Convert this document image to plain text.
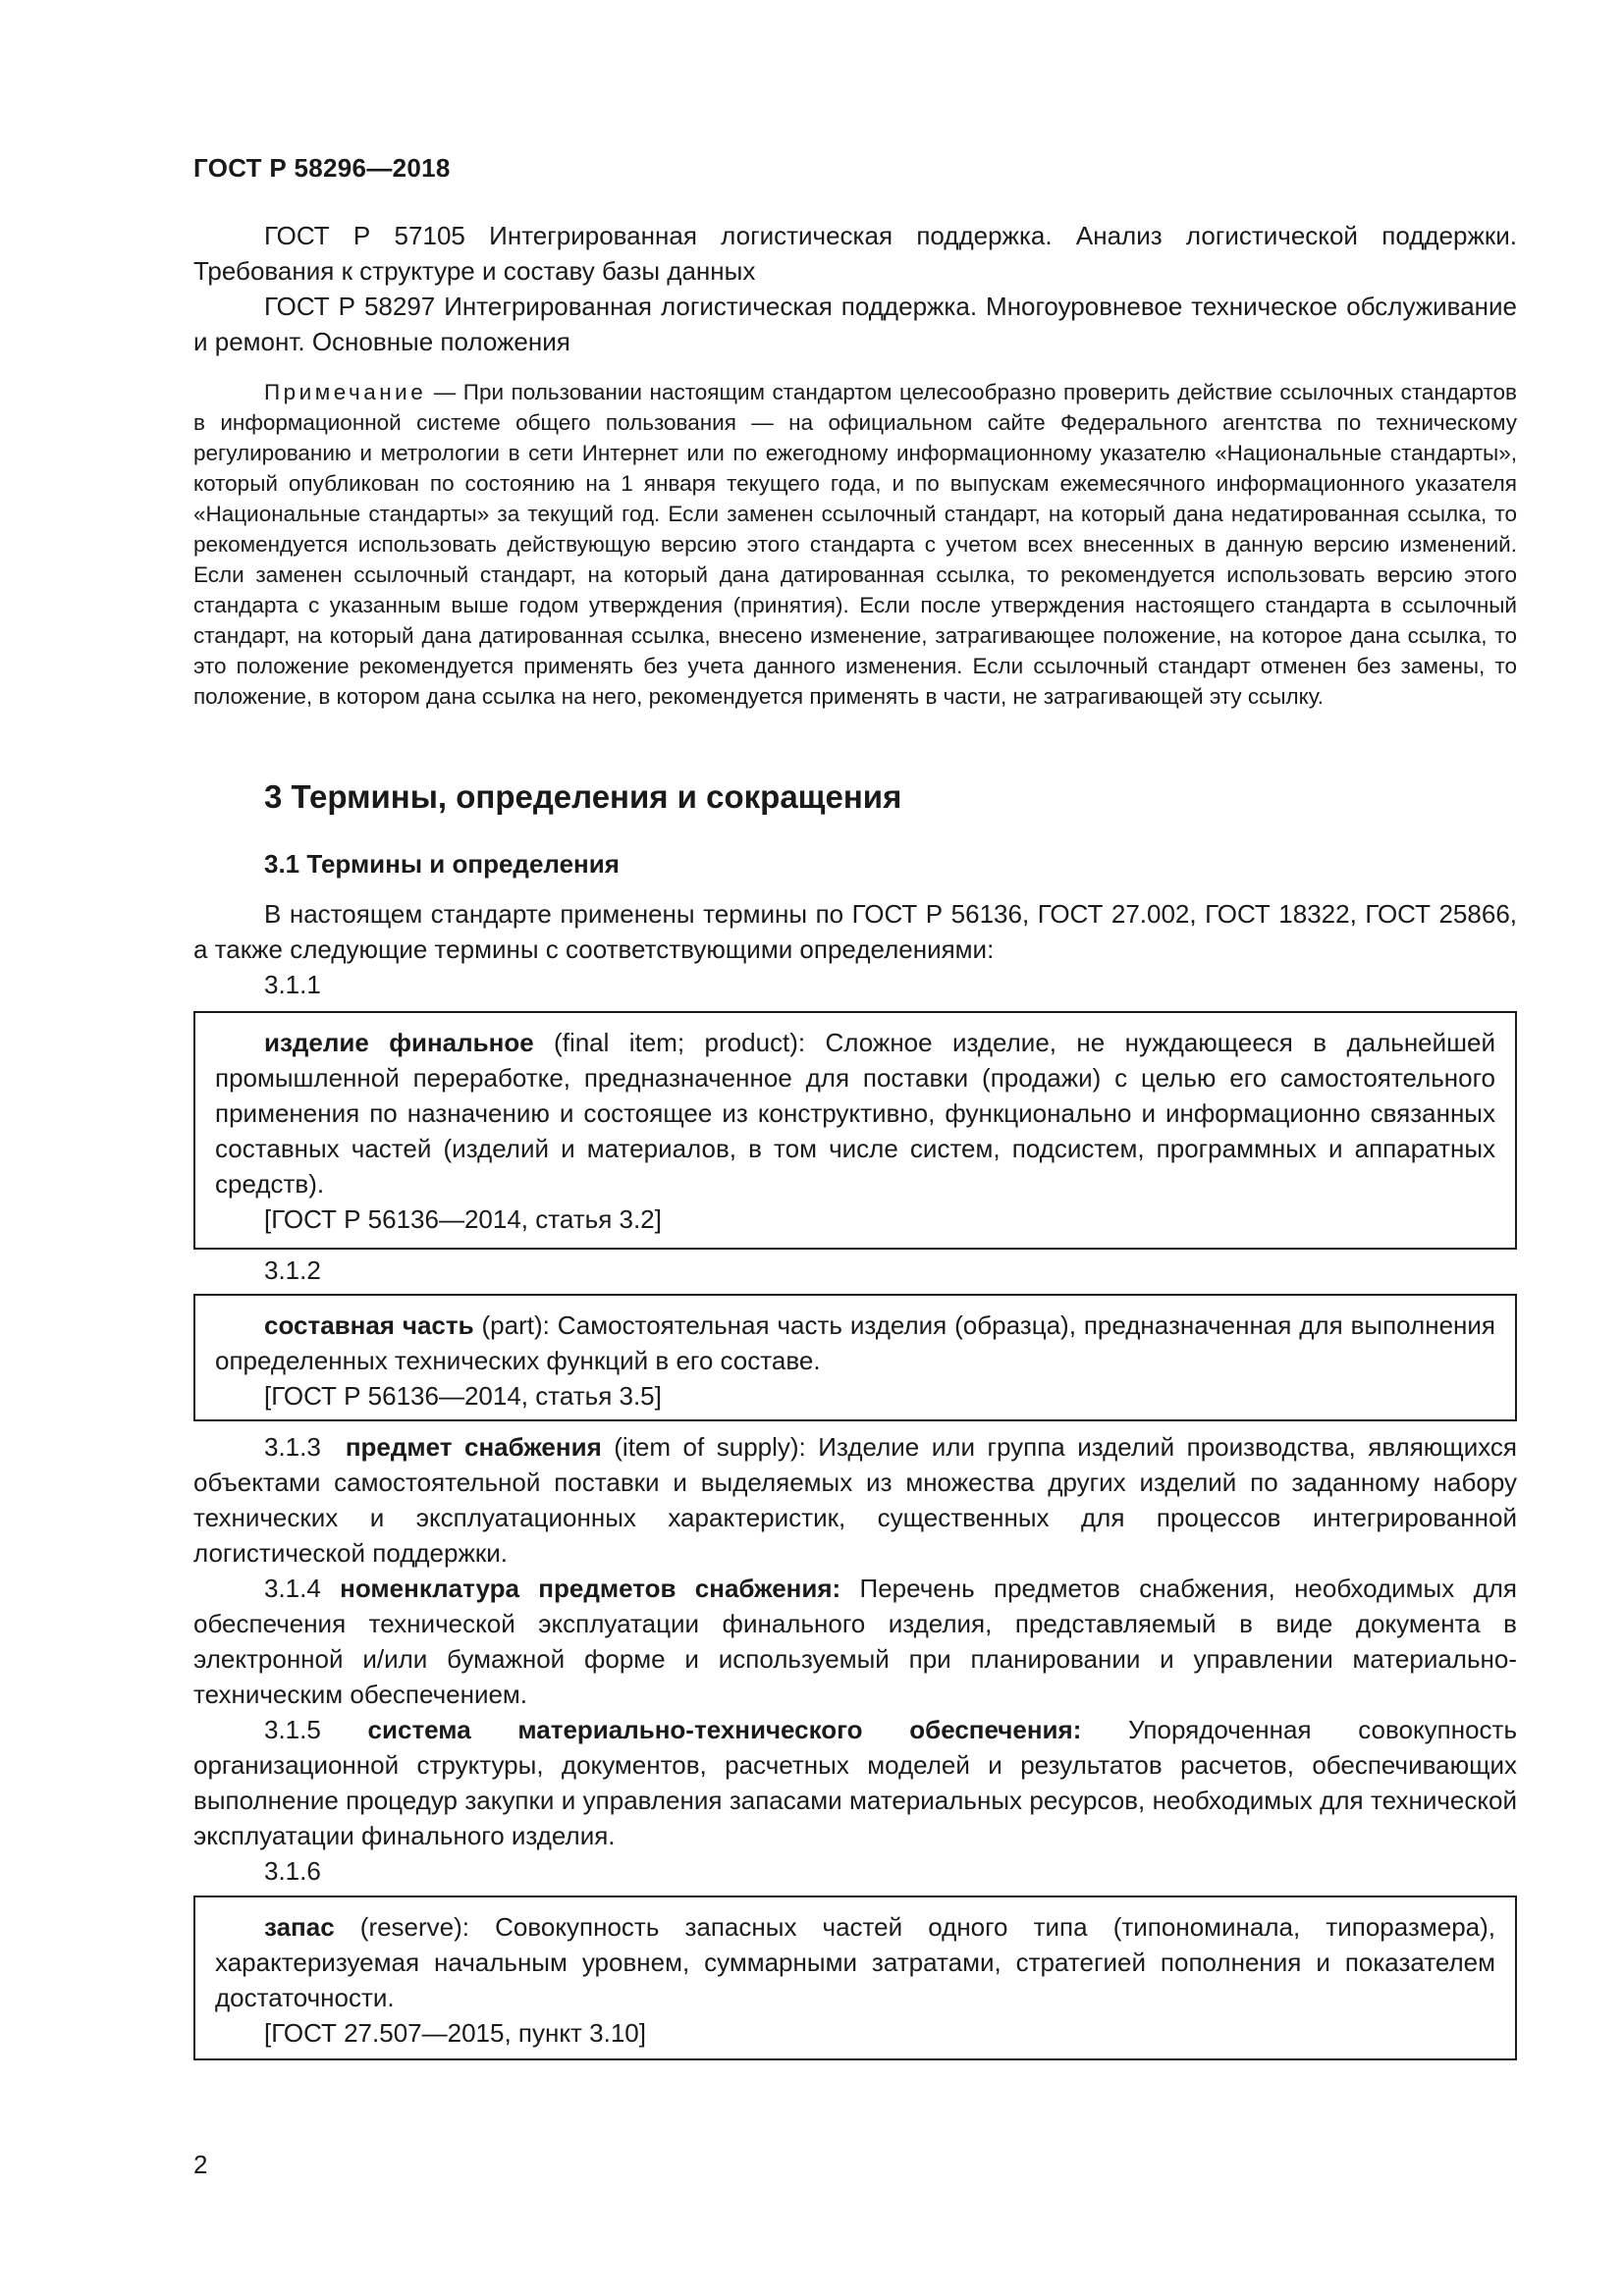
ГОСТ Р 58296—2018

ГОСТ Р 57105 Интегрированная логистическая поддержка. Анализ логистической поддержки. Требования к структуре и составу базы данных

ГОСТ Р 58297 Интегрированная логистическая поддержка. Многоуровневое техническое обслуживание и ремонт. Основные положения

Примечание — При пользовании настоящим стандартом целесообразно проверить действие ссылочных стандартов в информационной системе общего пользования — на официальном сайте Федерального агентства по техническому регулированию и метрологии в сети Интернет или по ежегодному информационному указателю «Национальные стандарты», который опубликован по состоянию на 1 января текущего года, и по выпускам ежемесячного информационного указателя «Национальные стандарты» за текущий год. Если заменен ссылочный стандарт, на который дана недатированная ссылка, то рекомендуется использовать действующую версию этого стандарта с учетом всех внесенных в данную версию изменений. Если заменен ссылочный стандарт, на который дана датированная ссылка, то рекомендуется использовать версию этого стандарта с указанным выше годом утверждения (принятия). Если после утверждения настоящего стандарта в ссылочный стандарт, на который дана датированная ссылка, внесено изменение, затрагивающее положение, на которое дана ссылка, то это положение рекомендуется применять без учета данного изменения. Если ссылочный стандарт отменен без замены, то положение, в котором дана ссылка на него, рекомендуется применять в части, не затрагивающей эту ссылку.

3 Термины, определения и сокращения
3.1 Термины и определения

В настоящем стандарте применены термины по ГОСТ Р 56136, ГОСТ 27.002, ГОСТ 18322, ГОСТ 25866, а также следующие термины с соответствующими определениями:

3.1.1

изделие финальное (final item; product): Сложное изделие, не нуждающееся в дальнейшей промышленной переработке, предназначенное для поставки (продажи) с целью его самостоятельного применения по назначению и состоящее из конструктивно, функционально и информационно связанных составных частей (изделий и материалов, в том числе систем, подсистем, программных и аппаратных средств).

[ГОСТ Р 56136—2014, статья 3.2]

3.1.2

составная часть (part): Самостоятельная часть изделия (образца), предназначенная для выполнения определенных технических функций в его составе.

[ГОСТ Р 56136—2014, статья 3.5]

3.1.3 предмет снабжения (item of supply): Изделие или группа изделий производства, являющихся объектами самостоятельной поставки и выделяемых из множества других изделий по заданному набору технических и эксплуатационных характеристик, существенных для процессов интегрированной логистической поддержки.

3.1.4 номенклатура предметов снабжения: Перечень предметов снабжения, необходимых для обеспечения технической эксплуатации финального изделия, представляемый в виде документа в электронной и/или бумажной форме и используемый при планировании и управлении материально-техническим обеспечением.

3.1.5 система материально-технического обеспечения: Упорядоченная совокупность организационной структуры, документов, расчетных моделей и результатов расчетов, обеспечивающих выполнение процедур закупки и управления запасами материальных ресурсов, необходимых для технической эксплуатации финального изделия.

3.1.6

запас (reserve): Совокупность запасных частей одного типа (типономинала, типоразмера), характеризуемая начальным уровнем, суммарными затратами, стратегией пополнения и показателем достаточности.

[ГОСТ 27.507—2015, пункт 3.10]

2
